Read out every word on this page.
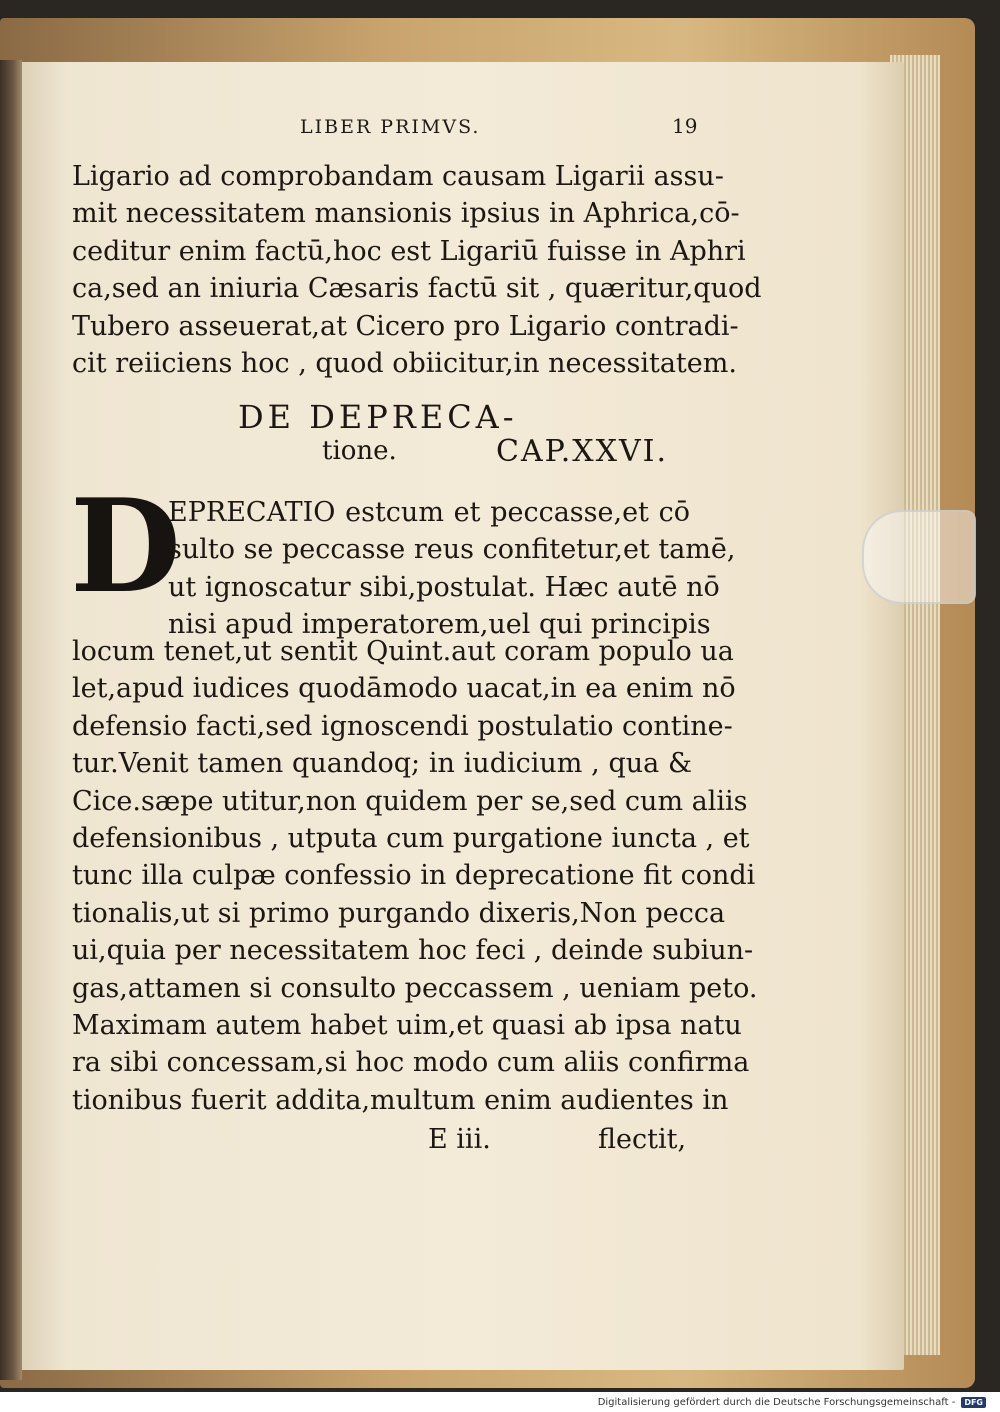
LIBER PRIMVS.	19
Ligario ad comprobandam causam Ligarii assu-
mit necessitatem mansionis ipsius in Aphrica,cō-
ceditur enim factū,hoc est Ligariū fuisse in Aphri
ca,sed an iniuria Cæsaris factū sit , quæritur,quod
Tubero asseuerat,at Cicero pro Ligario contradi-
cit reiiciens hoc , quod obiicitur,in necessitatem.
DE DEPRECA-
tione.	CAP.XXVI.
D
EPRECATIO estcum et peccasse,et cō
sulto se peccasse reus confitetur,et tamē,
ut ignoscatur sibi,postulat. Hæc autē nō
nisi apud imperatorem,uel qui principis
locum tenet,ut sentit Quint.aut coram populo ua
let,apud iudices quodāmodo uacat,in ea enim nō
defensio facti,sed ignoscendi postulatio contine-
tur.Venit tamen quandoq; in iudicium , qua &
Cice.sæpe utitur,non quidem per se,sed cum aliis
defensionibus , utputa cum purgatione iuncta , et
tunc illa culpæ confessio in deprecatione fit condi
tionalis,ut si primo purgando dixeris,Non pecca
ui,quia per necessitatem hoc feci , deinde subiun-
gas,attamen si consulto peccassem , ueniam peto.
Maximam autem habet uim,et quasi ab ipsa natu
ra sibi concessam,si hoc modo cum aliis confirma
tionibus fuerit addita,multum enim audientes in
E iii.	flectit,
Digitalisierung gefördert durch die Deutsche Forschungsgemeinschaft -	DFG
